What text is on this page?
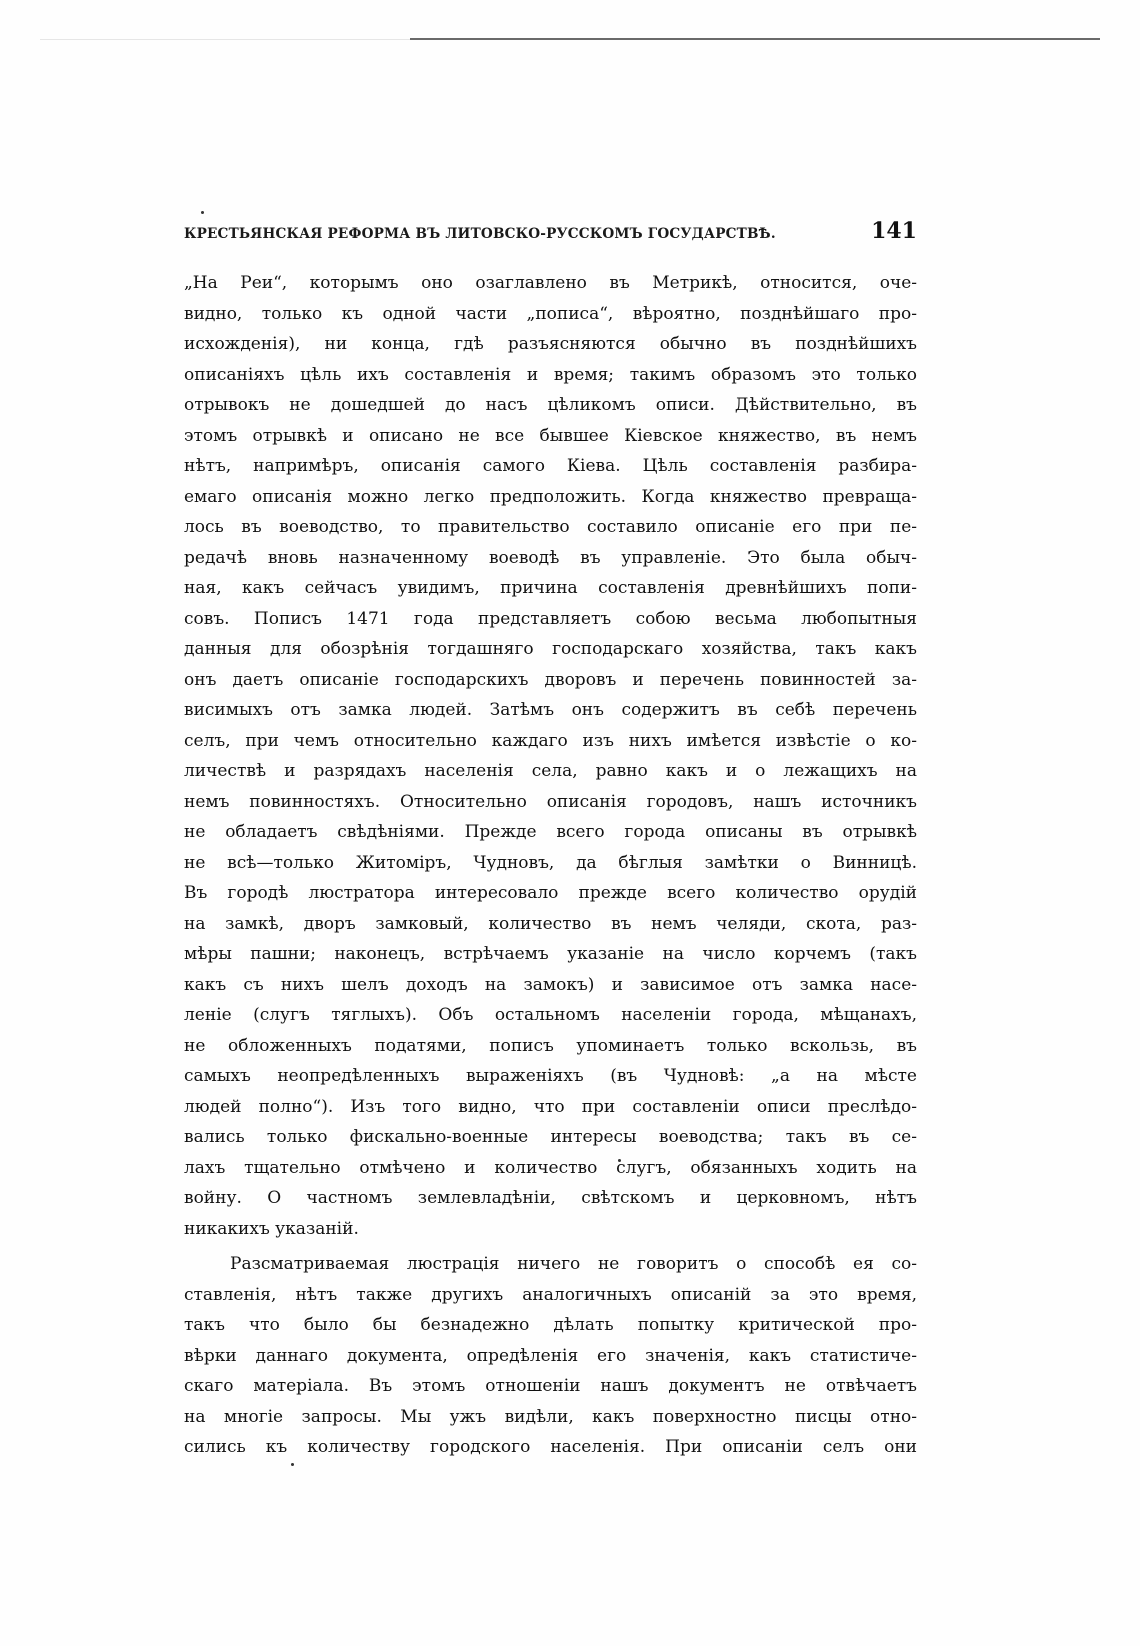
КРЕСТЬЯНСКАЯ РЕФОРМА ВЪ ЛИТОВСКО-РУССКОМЪ ГОСУДАРСТВѢ.	141
„На Реи“, которымъ оно озаглавлено въ Метрикѣ, относится, оче-
видно, только къ одной части „пописа“, вѣроятно, позднѣйшаго про-
исхожденія), ни конца, гдѣ разъясняются обычно въ позднѣйшихъ
описаніяхъ цѣль ихъ составленія и время; такимъ образомъ это только
отрывокъ не дошедшей до насъ цѣликомъ описи. Дѣйствительно, въ
этомъ отрывкѣ и описано не все бывшее Кіевское княжество, въ немъ
нѣтъ, напримѣръ, описанія самого Кіева. Цѣль составленія разбира-
емаго описанія можно легко предположить. Когда княжество превраща-
лось въ воеводство, то правительство составило описаніе его при пе-
редачѣ вновь назначенному воеводѣ въ управленіе. Это была обыч-
ная, какъ сейчасъ увидимъ, причина составленія древнѣйшихъ попи-
совъ. Пописъ 1471 года представляетъ собою весьма любопытныя
данныя для обозрѣнія тогдашняго господарскаго хозяйства, такъ какъ
онъ даетъ описаніе господарскихъ дворовъ и перечень повинностей за-
висимыхъ отъ замка людей. Затѣмъ онъ содержитъ въ себѣ перечень
селъ, при чемъ относительно каждаго изъ нихъ имѣется извѣстіе о ко-
личествѣ и разрядахъ населенія села, равно какъ и о лежащихъ на
немъ повинностяхъ. Относительно описанія городовъ, нашъ источникъ
не обладаетъ свѣдѣніями. Прежде всего города описаны въ отрывкѣ
не всѣ—только Житоміръ, Чудновъ, да бѣглыя замѣтки о Винницѣ.
Въ городѣ люстратора интересовало прежде всего количество орудій
на замкѣ, дворъ замковый, количество въ немъ челяди, скота, раз-
мѣры пашни; наконецъ, встрѣчаемъ указаніе на число корчемъ (такъ
какъ съ нихъ шелъ доходъ на замокъ) и зависимое отъ замка насе-
леніе (слугъ тяглыхъ). Объ остальномъ населеніи города, мѣщанахъ,
не обложенныхъ податями, пописъ упоминаетъ только вскользь, въ
самыхъ неопредѣленныхъ выраженіяхъ (въ Чудновѣ: „а на мѣсте
людей полно“). Изъ того видно, что при составленіи описи преслѣдо-
вались только фискально-военные интересы воеводства; такъ въ се-
лахъ тщательно отмѣчено и количество слугъ, обязанныхъ ходить на
войну. О частномъ землевладѣніи, свѣтскомъ и церковномъ, нѣтъ
никакихъ указаній.
Разсматриваемая люстрація ничего не говоритъ о способѣ ея со-
ставленія, нѣтъ также другихъ аналогичныхъ описаній за это время,
такъ что было бы безнадежно дѣлать попытку критической про-
вѣрки даннаго документа, опредѣленія его значенія, какъ статистиче-
скаго матеріала. Въ этомъ отношеніи нашъ документъ не отвѣчаетъ
на многіе запросы. Мы ужъ видѣли, какъ поверхностно писцы отно-
сились къ количеству городского населенія. При описаніи селъ они
